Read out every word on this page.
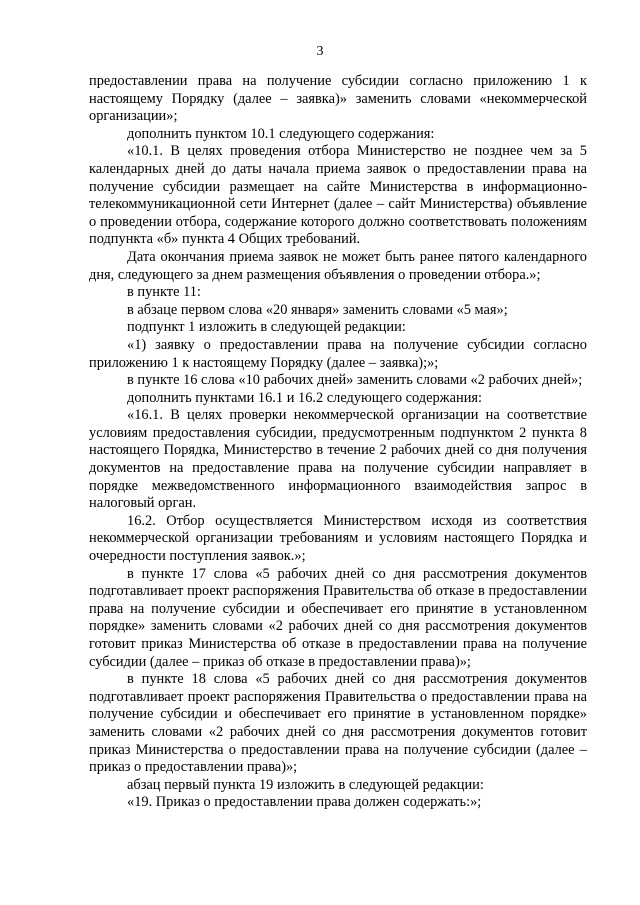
3

предоставлении права на получение субсидии согласно приложению 1 к настоящему Порядку (далее – заявка)» заменить словами «некоммерческой организации»;

дополнить пунктом 10.1 следующего содержания:

«10.1. В целях проведения отбора Министерство не позднее чем за 5 календарных дней до даты начала приема заявок о предоставлении права на получение субсидии размещает на сайте Министерства в информационно-телекоммуникационной сети Интернет (далее – сайт Министерства) объявление о проведении отбора, содержание которого должно соответствовать положениям подпункта «б» пункта 4 Общих требований.

Дата окончания приема заявок не может быть ранее пятого календарного дня, следующего за днем размещения объявления о проведении отбора.»;

в пункте 11:

в абзаце первом слова «20 января» заменить словами «5 мая»;

подпункт 1 изложить в следующей редакции:

«1) заявку о предоставлении права на получение субсидии согласно приложению 1 к настоящему Порядку (далее – заявка);»;

в пункте 16 слова «10 рабочих дней» заменить словами «2 рабочих дней»;

дополнить пунктами 16.1 и 16.2 следующего содержания:

«16.1. В целях проверки некоммерческой организации на соответствие условиям предоставления субсидии, предусмотренным подпунктом 2 пункта 8 настоящего Порядка, Министерство в течение 2 рабочих дней со дня получения документов на предоставление права на получение субсидии направляет в порядке межведомственного информационного взаимодействия запрос в налоговый орган.

16.2. Отбор осуществляется Министерством исходя из соответствия некоммерческой организации требованиям и условиям настоящего Порядка и очередности поступления заявок.»;

в пункте 17 слова «5 рабочих дней со дня рассмотрения документов подготавливает проект распоряжения Правительства об отказе в предоставлении права на получение субсидии и обеспечивает его принятие в установленном порядке» заменить словами «2 рабочих дней со дня рассмотрения документов готовит приказ Министерства об отказе в предоставлении права на получение субсидии (далее – приказ об отказе в предоставлении права)»;

в пункте 18 слова «5 рабочих дней со дня рассмотрения документов подготавливает проект распоряжения Правительства о предоставлении права на получение субсидии и обеспечивает его принятие в установленном порядке» заменить словами «2 рабочих дней со дня рассмотрения документов готовит приказ Министерства о предоставлении права на получение субсидии (далее – приказ о предоставлении права)»;

абзац первый пункта 19 изложить в следующей редакции:

«19. Приказ о предоставлении права должен содержать:»;
